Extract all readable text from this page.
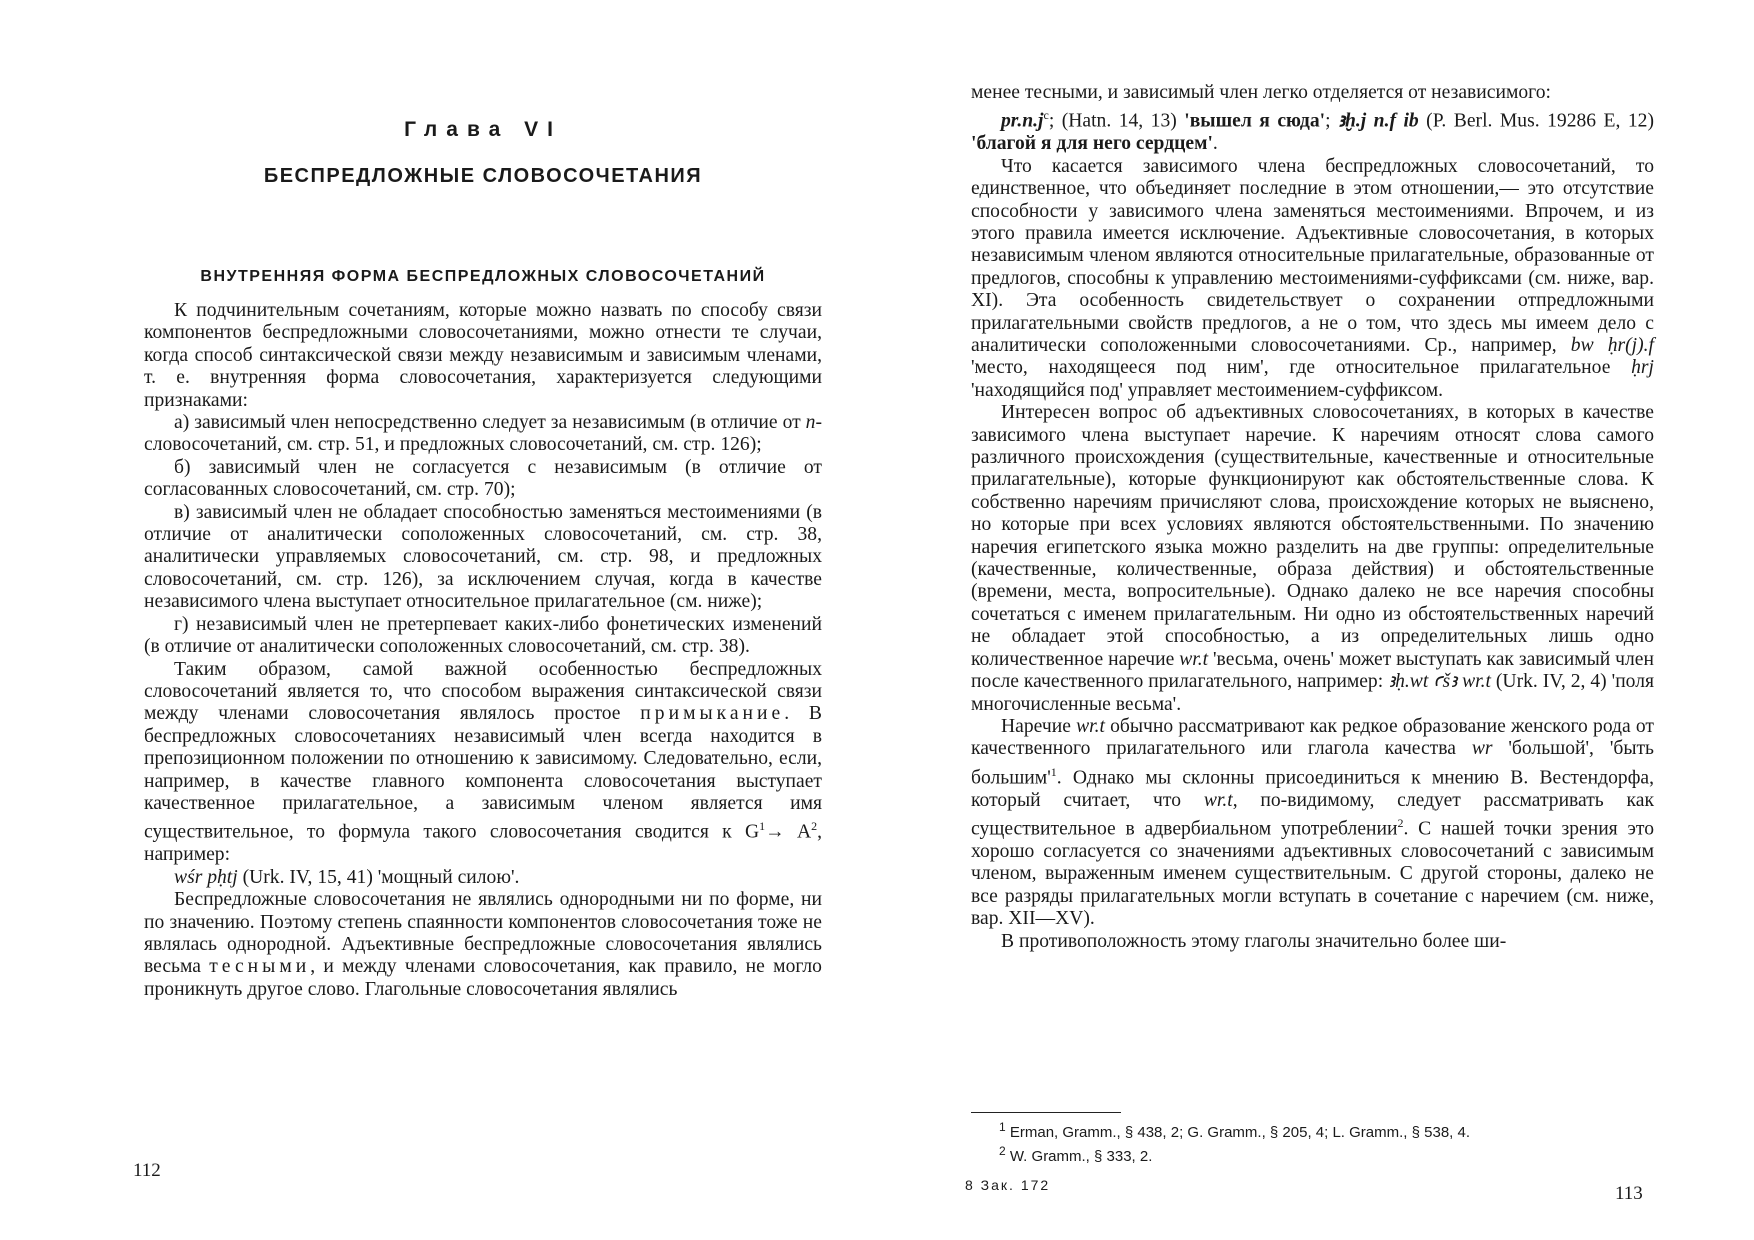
Глава VI
БЕСПРЕДЛОЖНЫЕ СЛОВОСОЧЕТАНИЯ
ВНУТРЕННЯЯ ФОРМА БЕСПРЕДЛОЖНЫХ СЛОВОСОЧЕТАНИЙ

К подчинительным сочетаниям, которые можно назвать по способу связи компонентов беспредложными словосочетаниями, можно отнести те случаи, когда способ синтаксической связи между независимым и зависимым членами, т. е. внутренняя форма словосочетания, характеризуется следующими признаками:

а) зависимый член непосредственно следует за независимым (в отличие от n-словосочетаний, см. стр. 51, и предложных словосочетаний, см. стр. 126);

б) зависимый член не согласуется с независимым (в отличие от согласованных словосочетаний, см. стр. 70);

в) зависимый член не обладает способностью заменяться местоимениями (в отличие от аналитически соположенных словосочетаний, см. стр. 38, аналитически управляемых словосочетаний, см. стр. 98, и предложных словосочетаний, см. стр. 126), за исключением случая, когда в качестве независимого члена выступает относительное прилагательное (см. ниже);

г) независимый член не претерпевает каких-либо фонетических изменений (в отличие от аналитически соположенных словосочетаний, см. стр. 38).

Таким образом, самой важной особенностью беспредложных словосочетаний является то, что способом выражения синтаксической связи между членами словосочетания являлось простое примыкание. В беспредложных словосочетаниях независимый член всегда находится в препозиционном положении по отношению к зависимому. Следовательно, если, например, в качестве главного компонента словосочетания выступает качественное прилагательное, а зависимым членом является имя существительное, то формула такого словосочетания сводится к $G^1\to A^2$, например:

wśr pḥtj (Urk. IV, 15, 41) 'мощный силою'.

Беспредложные словосочетания не являлись однородными ни по форме, ни по значению. Поэтому степень спаянности компонентов словосочетания тоже не являлась однородной. Адъективные беспредложные словосочетания являлись весьма тесными, и между членами словосочетания, как правило, не могло проникнуть другое слово. Глагольные словосочетания являлись

112

менее тесными, и зависимый член легко отделяется от независимого:

$pr.n.j^c$; (Hatn. 14, 13) 'вышел я сюда'; ꜣḫ.j n.f ib (P. Berl. Mus. 19286 E, 12) 'благой я для него сердцем'.

Что касается зависимого члена беспредложных словосочетаний, то единственное, что объединяет последние в этом отношении,— это отсутствие способности у зависимого члена заменяться местоимениями. Впрочем, и из этого правила имеется исключение. Адъективные словосочетания, в которых независимым членом являются относительные прилагательные, образованные от предлогов, способны к управлению местоимениями-суффиксами (см. ниже, вар. XI). Эта особенность свидетельствует о сохранении отпредложными прилагательными свойств предлогов, а не о том, что здесь мы имеем дело с аналитически соположенными словосочетаниями. Ср., например, bw ḥr(j).f 'место, находящееся под ним', где относительное прилагательное ḥrj 'находящийся под' управляет местоимением-суффиксом.

Интересен вопрос об адъективных словосочетаниях, в которых в качестве зависимого члена выступает наречие. К наречиям относят слова самого различного происхождения (существительные, качественные и относительные прилагательные), которые функционируют как обстоятельственные слова. К собственно наречиям причисляют слова, происхождение которых не выяснено, но которые при всех условиях являются обстоятельственными. По значению наречия египетского языка можно разделить на две группы: определительные (качественные, количественные, образа действия) и обстоятельственные (времени, места, вопросительные). Однако далеко не все наречия способны сочетаться с именем прилагательным. Ни одно из обстоятельственных наречий не обладает этой способностью, а из определительных лишь одно количественное наречие wr.t 'весьма, очень' может выступать как зависимый член после качественного прилагательного, например: ꜣḥ.wt ꜥšꜣ wr.t (Urk. IV, 2, 4) 'поля многочисленные весьма'.

Наречие wr.t обычно рассматривают как редкое образование женского рода от качественного прилагательного или глагола качества wr 'большой', 'быть $большим'^1$. Однако мы склонны присоединиться к мнению В. Вестендорфа, который считает, что wr.t, по-видимому, следует рассматривать как существительное в адвербиальном употреблении$^2$. С нашей точки зрения это хорошо согласуется со значениями адъективных словосочетаний с зависимым членом, выраженным именем существительным. С другой стороны, далеко не все разряды прилагательных могли вступать в сочетание с наречием (см. ниже, вар. XII—XV).

В противоположность этому глаголы значительно более ши-

$^1$ Erman, Gramm., § 438, 2; G. Gramm., § 205, 4; L. Gramm., § 538, 4.
$^2$ W. Gramm., § 333, 2.
8 Зак. 172	113
